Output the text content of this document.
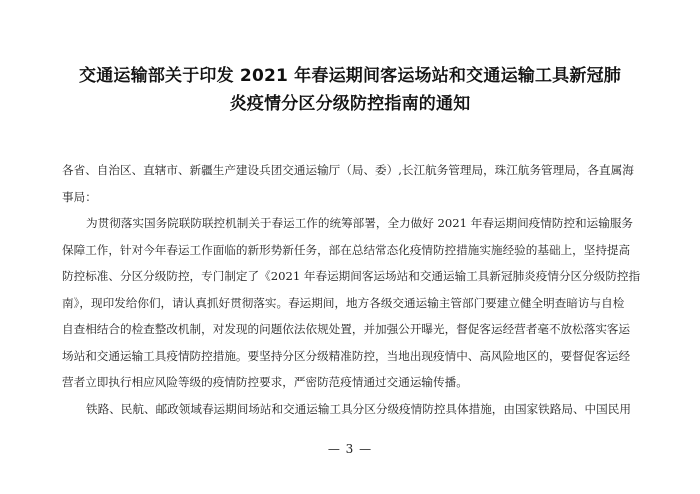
交通运输部关于印发 2021 年春运期间客运场站和交通运输工具新冠肺
炎疫情分区分级防控指南的通知
各省、自治区、直辖市、新疆生产建设兵团交通运输厅（局、委）,长江航务管理局，珠江航务管理局，各直属海
事局：
为贯彻落实国务院联防联控机制关于春运工作的统筹部署，全力做好 2021 年春运期间疫情防控和运输服务
保障工作，针对今年春运工作面临的新形势新任务，部在总结常态化疫情防控措施实施经验的基础上，坚持提高
防控标准、分区分级防控，专门制定了《2021 年春运期间客运场站和交通运输工具新冠肺炎疫情分区分级防控指
南》，现印发给你们，请认真抓好贯彻落实。春运期间，地方各级交通运输主管部门要建立健全明查暗访与自检
自查相结合的检查整改机制，对发现的问题依法依规处置，并加强公开曝光，督促客运经营者毫不放松落实客运
场站和交通运输工具疫情防控措施。要坚持分区分级精准防控，当地出现疫情中、高风险地区的，要督促客运经
营者立即执行相应风险等级的疫情防控要求，严密防范疫情通过交通运输传播。
铁路、民航、邮政领域春运期间场站和交通运输工具分区分级疫情防控具体措施，由国家铁路局、中国民用
— 3 —
